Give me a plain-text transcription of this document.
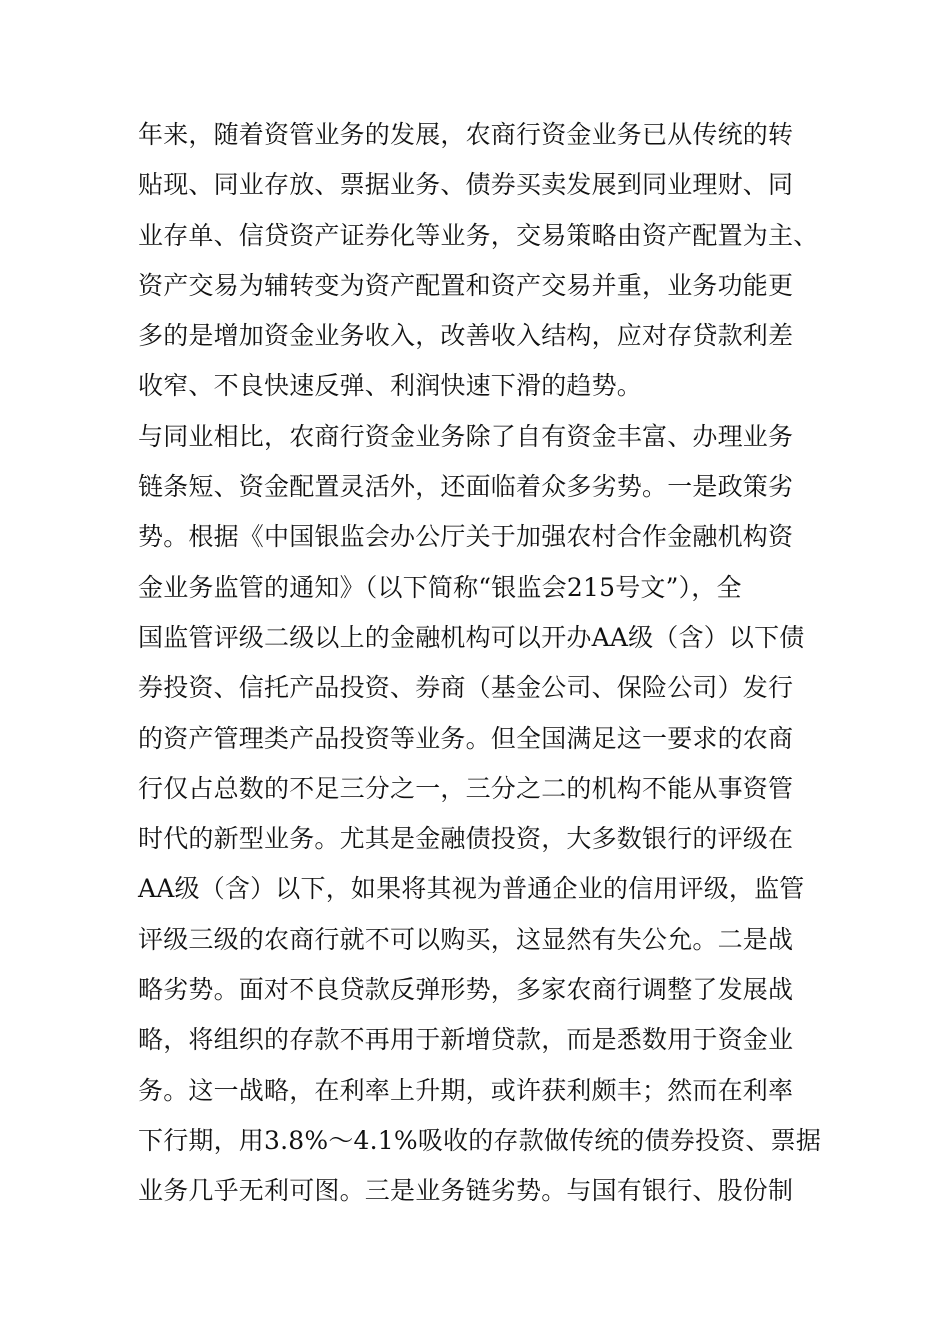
年来，随着资管业务的发展，农商行资金业务已从传统的转
贴现、同业存放、票据业务、债券买卖发展到同业理财、同
业存单、信贷资产证券化等业务，交易策略由资产配置为主、
资产交易为辅转变为资产配置和资产交易并重，业务功能更
多的是增加资金业务收入，改善收入结构，应对存贷款利差
收窄、不良快速反弹、利润快速下滑的趋势。
与同业相比，农商行资金业务除了自有资金丰富、办理业务
链条短、资金配置灵活外，还面临着众多劣势。一是政策劣
势。根据《中国银监会办公厅关于加强农村合作金融机构资
金业务监管的通知》（以下简称“银监会215号文”），全
国监管评级二级以上的金融机构可以开办AA级（含）以下债
券投资、信托产品投资、券商（基金公司、保险公司）发行
的资产管理类产品投资等业务。但全国满足这一要求的农商
行仅占总数的不足三分之一，三分之二的机构不能从事资管
时代的新型业务。尤其是金融债投资，大多数银行的评级在
AA级（含）以下，如果将其视为普通企业的信用评级，监管
评级三级的农商行就不可以购买，这显然有失公允。二是战
略劣势。面对不良贷款反弹形势，多家农商行调整了发展战
略，将组织的存款不再用于新增贷款，而是悉数用于资金业
务。这一战略，在利率上升期，或许获利颇丰；然而在利率
下行期，用3.8%～4.1%吸收的存款做传统的债券投资、票据
业务几乎无利可图。三是业务链劣势。与国有银行、股份制
